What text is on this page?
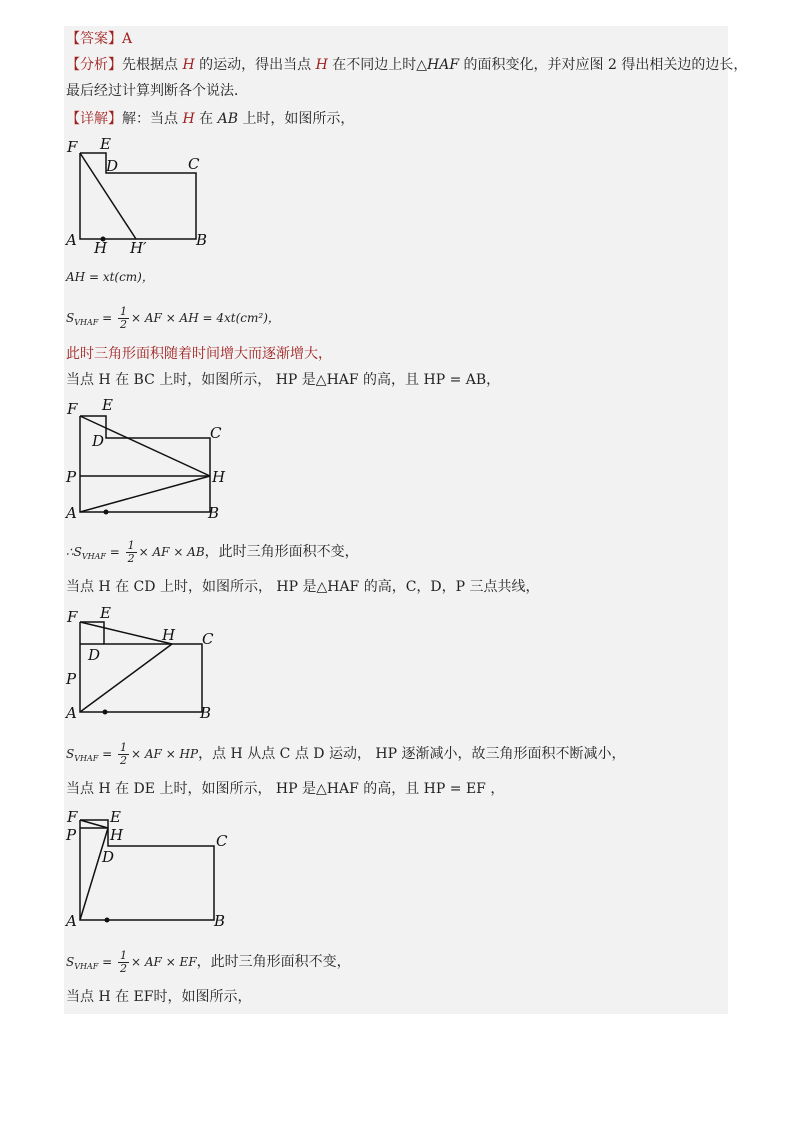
【答案】A
【分析】先根据点 H 的运动，得出当点 H 在不同边上时△HAF 的面积变化，并对应图 2 得出相关边的边长，
最后经过计算判断各个说法．
【详解】解：当点 H 在 AB 上时，如图所示，
F E
D	C
A H H′	B
AH = xt(cm)，
$S_{VHAF} = \frac{1}{2}$ × AF × AH = 4xt(cm²)，
此时三角形面积随着时间增大而逐渐增大，
当点 H 在 BC 上时，如图所示， HP 是△HAF 的高，且 HP = AB，
F E
D	C
P	H
A	B
$\therefore S_{VHAF} = \frac{1}{2}$ × AF × AB，此时三角形面积不变，
当点 H 在 CD 上时，如图所示， HP 是△HAF 的高，C，D，P 三点共线，
F E
D
H C
P
A	B
$S_{VHAF} = \frac{1}{2}$ × AF × HP，点 H 从点 C 点 D 运动， HP 逐渐减小，故三角形面积不断减小，
当点 H 在 DE 上时，如图所示， HP 是△HAF 的高，且 HP = EF ，
F E
P H
D
C
A	B
$S_{VHAF} = \frac{1}{2}$ × AF × EF，此时三角形面积不变，
当点 H 在 EF时，如图所示，
